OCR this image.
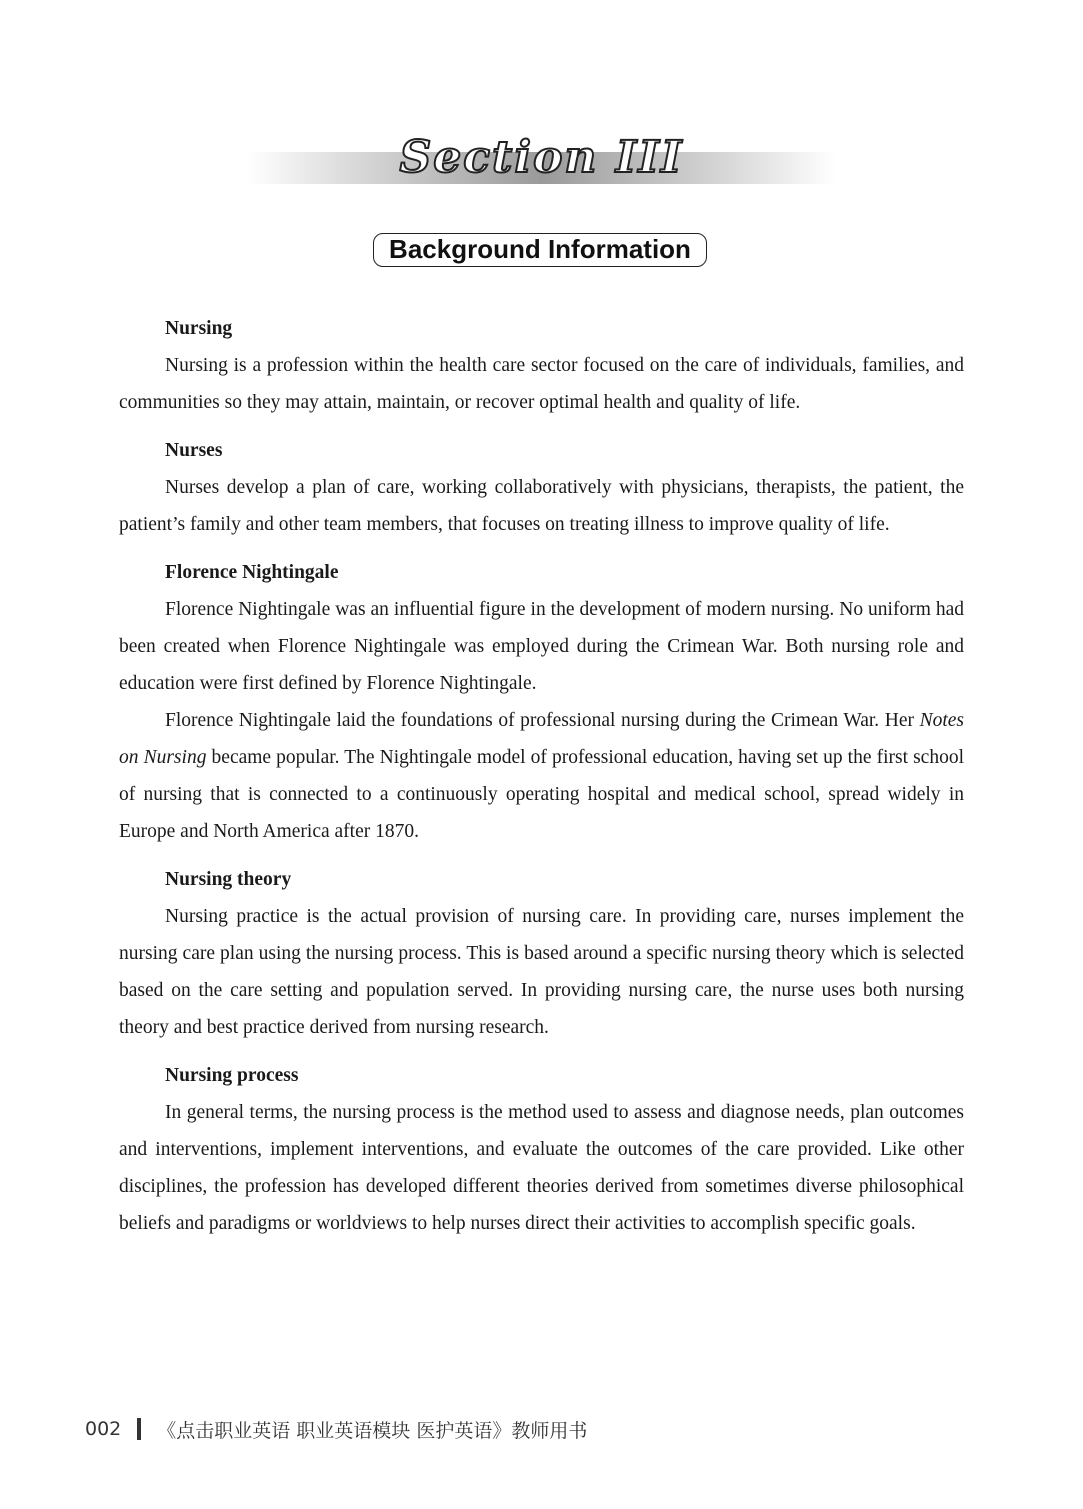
Section III
Background Information
Nursing

Nursing is a profession within the health care sector focused on the care of individuals, families, and communities so they may attain, maintain, or recover optimal health and quality of life.

Nurses

Nurses develop a plan of care, working collaboratively with physicians, therapists, the patient, the patient’s family and other team members, that focuses on treating illness to improve quality of life.

Florence Nightingale

Florence Nightingale was an influential figure in the development of modern nursing. No uniform had been created when Florence Nightingale was employed during the Crimean War. Both nursing role and education were first defined by Florence Nightingale.

Florence Nightingale laid the foundations of professional nursing during the Crimean War. Her Notes on Nursing became popular. The Nightingale model of professional education, having set up the first school of nursing that is connected to a continuously operating hospital and medical school, spread widely in Europe and North America after 1870.

Nursing theory

Nursing practice is the actual provision of nursing care. In providing care, nurses implement the nursing care plan using the nursing process. This is based around a specific nursing theory which is selected based on the care setting and population served. In providing nursing care, the nurse uses both nursing theory and best practice derived from nursing research.

Nursing process

In general terms, the nursing process is the method used to assess and diagnose needs, plan outcomes and interventions, implement interventions, and evaluate the outcomes of the care provided. Like other disciplines, the profession has developed different theories derived from sometimes diverse philosophical beliefs and paradigms or worldviews to help nurses direct their activities to accomplish specific goals.

002 《点击职业英语 职业英语模块 医护英语》教师用书
